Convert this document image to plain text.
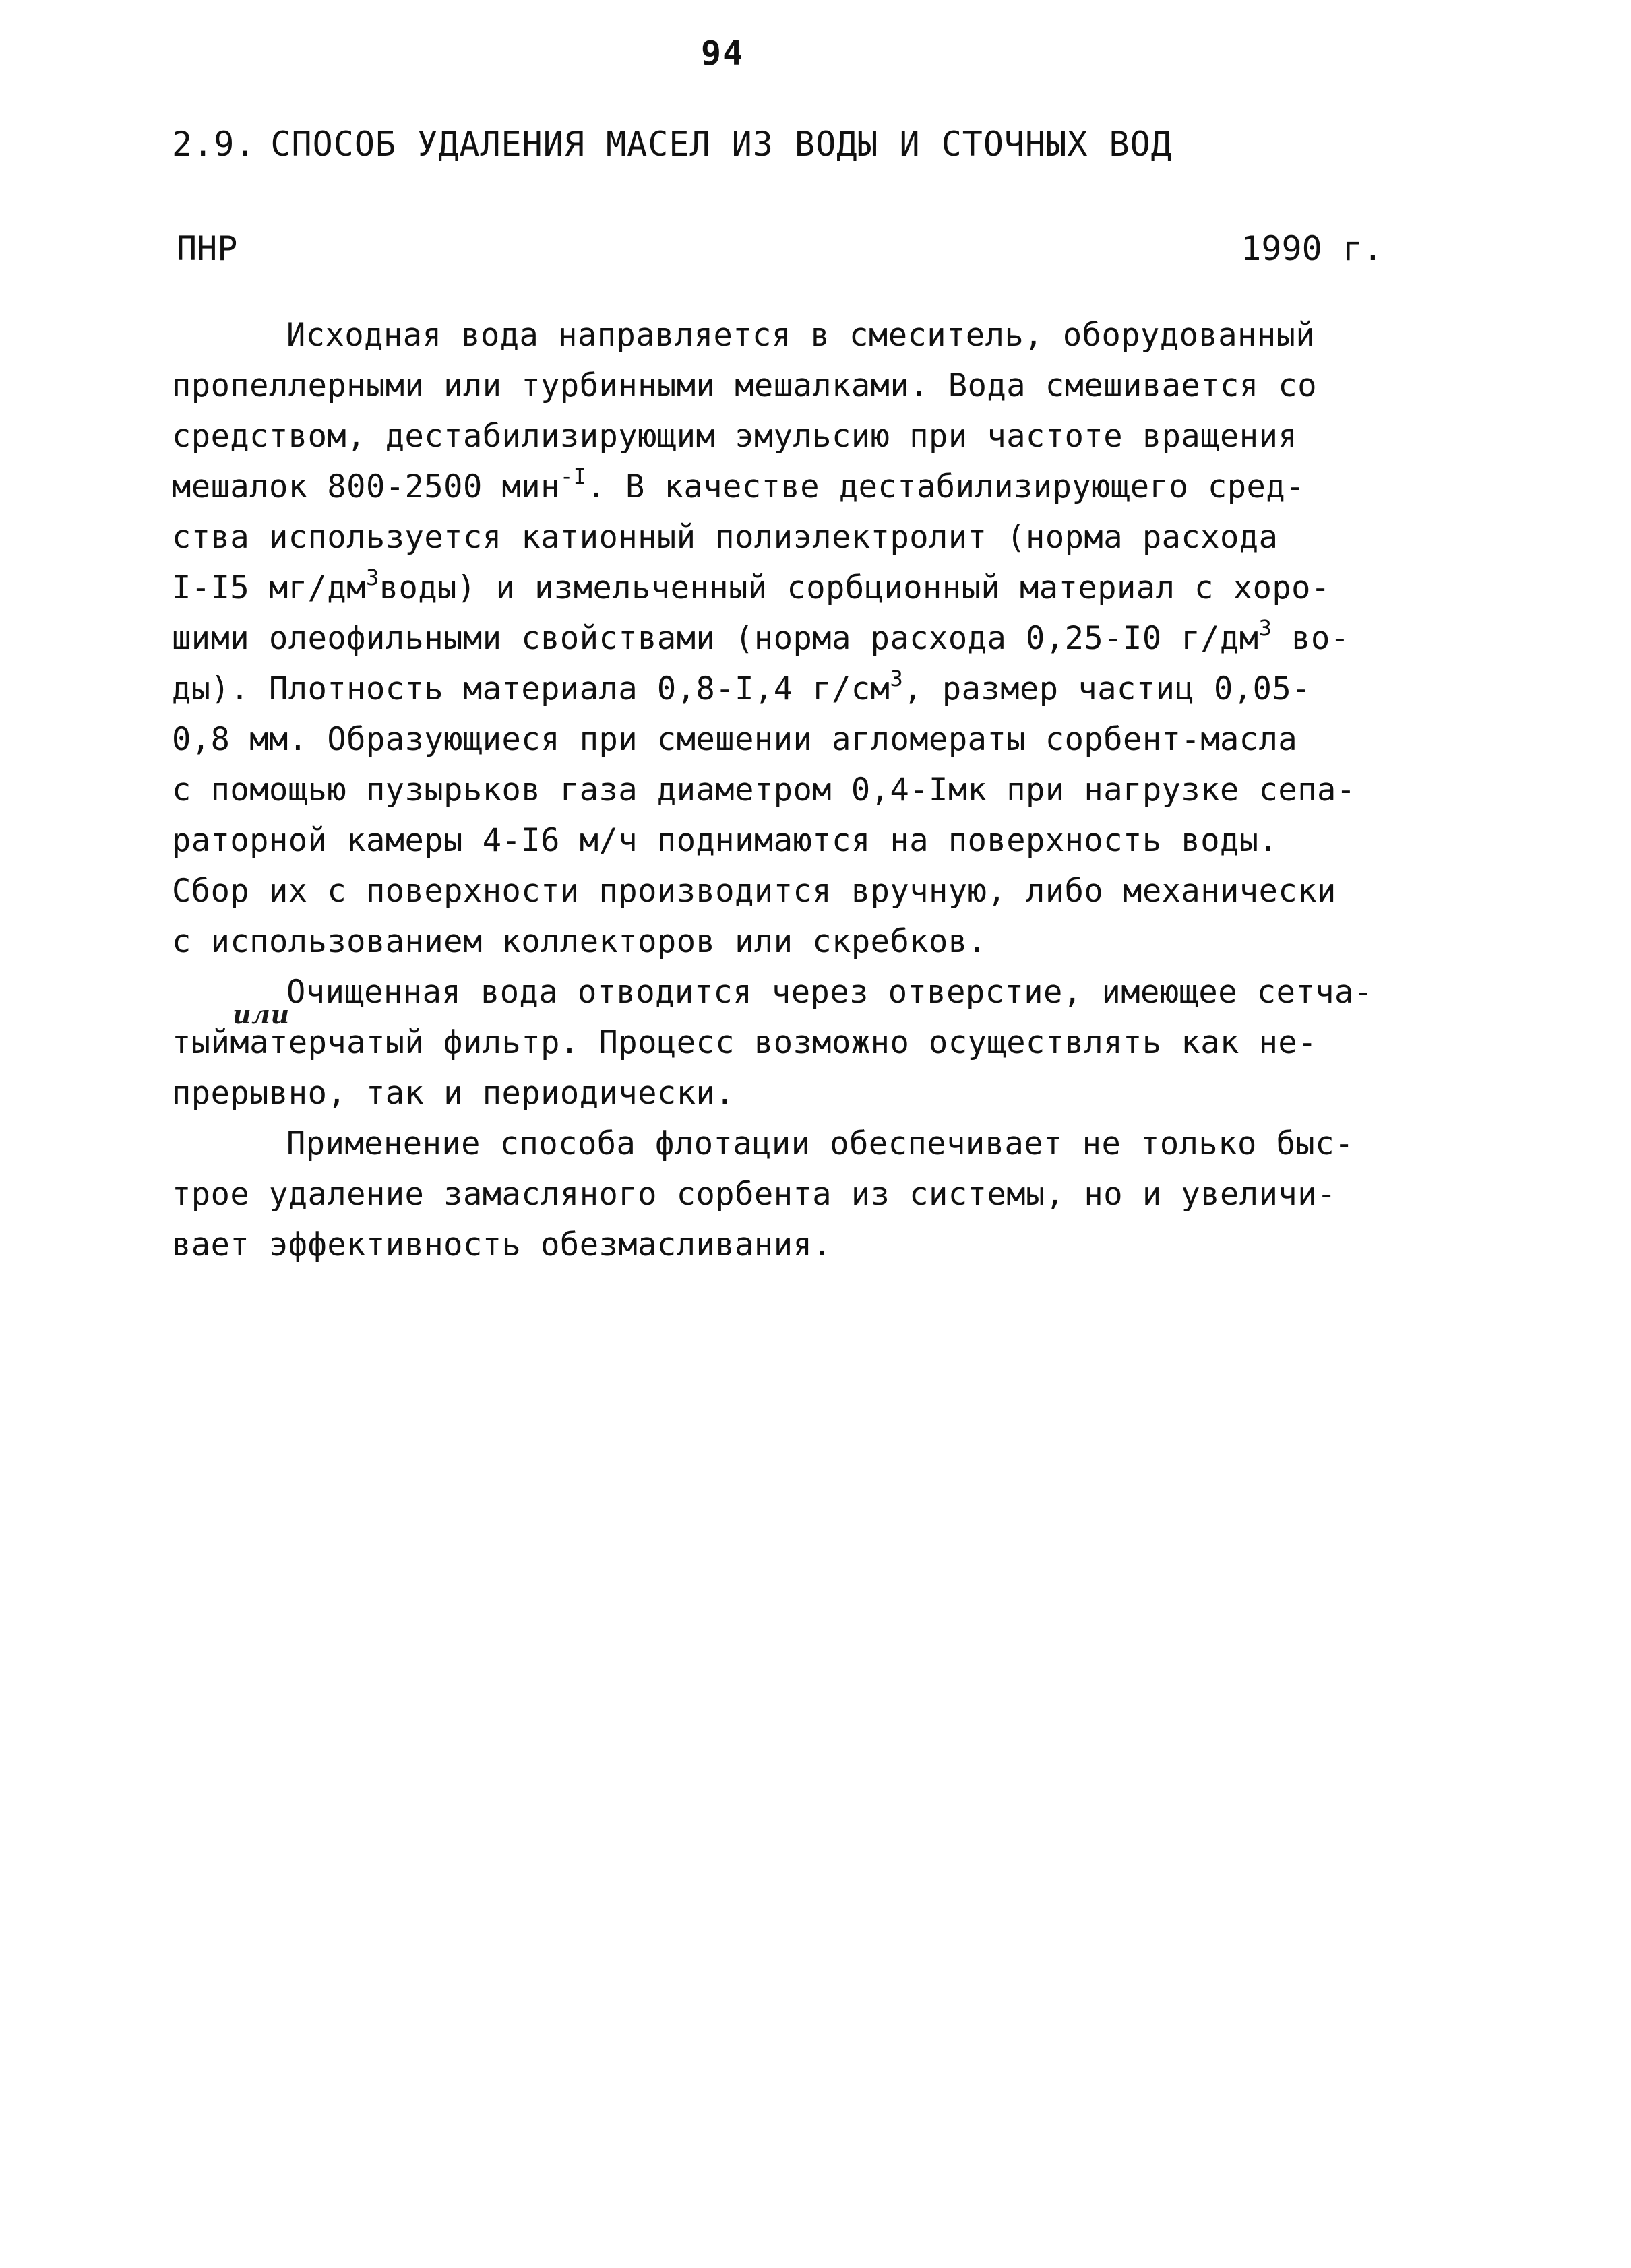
94
2.9. СПОСОБ УДАЛЕНИЯ МАСЕЛ ИЗ ВОДЫ И СТОЧНЫХ ВОД
ПНР	1990 г.
Исходная вода направляется в смеситель, оборудованный
пропеллерными или турбинными мешалками. Вода смешивается со
средством, дестабилизирующим эмульсию при частоте вращения
мешалок 800-2500 мин$^{-I}$. В качестве дестабилизирующего сред-
ства используется катионный полиэлектролит (норма расхода
I-I5 $мг/дм^3воды$) и измельченный сорбционный материал с хоро-
шими олеофильными свойствами (норма расхода 0,25-I0 $г/дм^3$ во-
ды). Плотность материала 0,8-I,4 $г/см^3$, размер частиц 0,05-
0,8 мм. Образующиеся при смешении агломераты сорбент-масла
с помощью пузырьков газа диаметром 0,4-Iмк при нагрузке сепа-
раторной камеры 4-I6 м/ч поднимаются на поверхность воды.
Сбор их с поверхности производится вручную, либо механически
с использованием коллекторов или скребков.
Очищенная вода отводится через отверстие, имеющее сетча-
тый
или
матерчатый фильтр. Процесс возможно осуществлять как не-
прерывно, так и периодически.
Применение способа флотации обеспечивает не только быс-
трое удаление замасляного сорбента из системы, но и увеличи-
вает эффективность обезмасливания.
